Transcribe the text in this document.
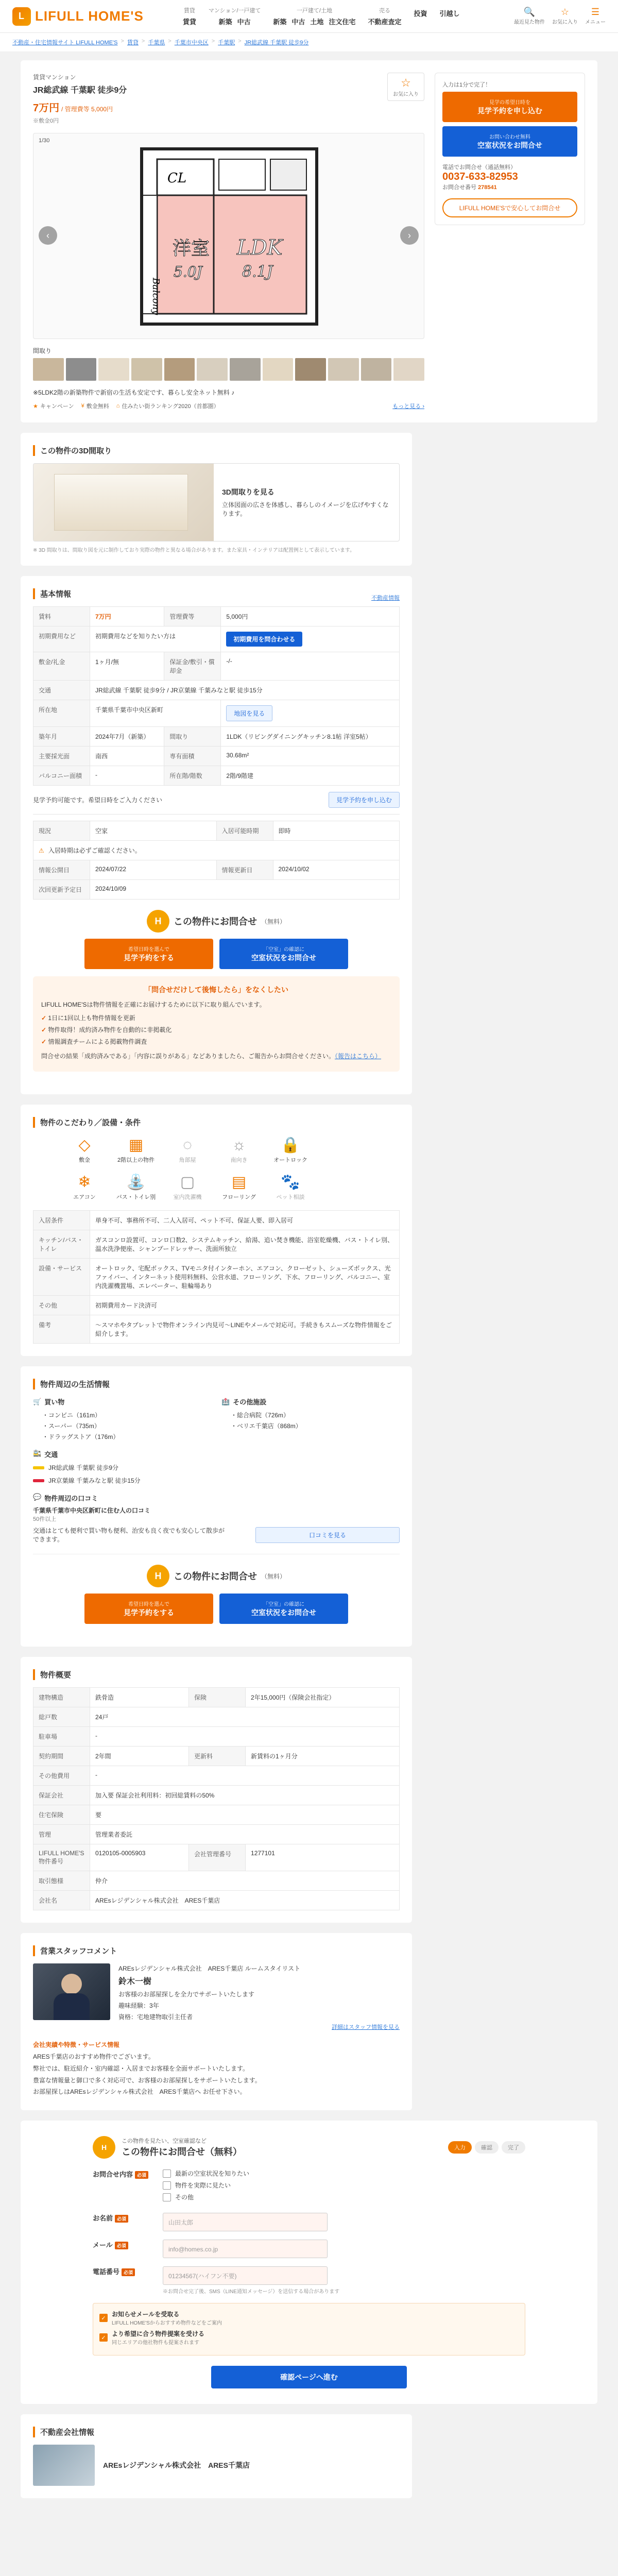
L LIFULL HOME'S	賃貸
賃貸
マンション/一戸建て
新築 中古
一戸建て/土地
新築 中古 土地 注文住宅
売る
不動産査定
投資 引越し	🔍
最近見た物件
☆
お気に入り
☰
メニュー
不動産・住宅情報サイト LIFULL HOME'S > 賃貸 > 千葉県 > 千葉市中央区 > 千葉駅 > JR総武線 千葉駅 徒歩9分
賃貸マンション
JR総武線 千葉駅 徒歩9分
7万円 / 管理費等 5,000円
※敷金0円
☆
お気に入り
1/30
‹	›
CL
洋室
5.0J
LDK
8.1J
Balcony
間取り
※5LDK2階の新築物件で新宿の生活も安定です、暮らし安全ネット無料 ♪
★ キャンペーン ¥ 敷金無料 ⌂ 住みたい街ランキング2020（首都圏）	もっと見る ›
入力は1分で完了！
見学の希望日時を
見学予約を申し込む
お問い合わせ無料
空室状況をお問合せ
電話でお問合せ（通話無料）
0037-633-82953
お問合せ番号 278541
LIFULL HOME'Sで安心してお問合せ
この物件の3D間取り
3D間取りを見る
立体図面の広さを体感し、暮らしのイメージを広げやすくなります。
※ 3D 間取りは、間取り図を元に制作しており実際の物件と異なる場合があります。また家具・インテリアは配置例として表示しています。
基本情報	不動産情報
賃料	7万円	管理費等	5,000円
初期費用など	初期費用などを知りたい方は		初期費用を問合わせる
敷金/礼金	1ヶ月/無	保証金/敷引・償却金	-/-
交通	JR総武線 千葉駅 徒歩9分 / JR京葉線 千葉みなと駅 徒歩15分		
所在地	千葉県千葉市中央区新町		地図を見る
築年月	2024年7月（新築）	間取り	1LDK（リビングダイニングキッチン8.1帖 洋室5帖）
主要採光面	南西	専有面積	30.68m²
バルコニー面積	-	所在階/階数	2階/9階建
見学予約可能です。希望日時をご入力ください	見学予約を申し込む
現況	空家	入居可能時期	即時

⚠ 入居時期は必ずご確認ください。			

情報公開日	2024/07/22	情報更新日	2024/10/02
次回更新予定日	2024/10/09		
H	この物件にお問合せ （無料）
希望日時を選んで
見学予約をする
「空室」の確認に
空室状況をお問合せ
「問合せだけして後悔したら」をなくしたい

LIFULL HOME'Sは物件情報を正確にお届けするために以下に取り組んでいます。

✓ 1日に1回以上も物件情報を更新
✓ 物件取得！成約済み物件を自動的に非掲載化
✓ 情報調査チームによる掲載物件調査

問合せの結果「成約済みである」「内容に誤りがある」などありましたら、ご報告からお問合せください。（報告はこちら）

物件のこだわり／設備・条件
◇
敷金
▦
2階以上の物件
◌
角部屋
☼
南向き
🔒
オートロック
❄
エアコン
⛲
バス・トイレ別
▢
室内洗濯機
▤
フローリング
🐾
ペット相談
入居条件	単身不可、事務所不可、二人入居可、ペット不可、保証人要、即入居可
キッチン/バス・トイレ	ガスコンロ設置可、コンロ口数2、システムキッチン、給湯、追い焚き機能、浴室乾燥機、バス・トイレ別、温水洗浄便座、シャンプードレッサー、洗面所独立
設備・サービス	オートロック、宅配ボックス、TVモニタ付インターホン、エアコン、クローゼット、シューズボックス、光ファイバー、インターネット使用料無料、公営水道、フローリング、下水、フローリング、バルコニー、室内洗濯機置場、エレベーター、駐輪場あり
その他	初期費用カード決済可
備考	～スマホやタブレットで物件オンライン内見可～LINEやメールで対応可。手続きもスムーズな物件情報をご紹介します。
物件周辺の生活情報
🛒 買い物
・ コンビニ（161m）
・ スーパー（735m）
・ ドラッグストア（176m）
🏥 その他施設
・ 総合病院（726m）
・ ベリエ千葉店（868m）
🚉 交通
JR総武線 千葉駅 徒歩9分
JR京葉線 千葉みなと駅 徒歩15分
💬 物件周辺の口コミ
千葉県千葉市中央区新町に住む人の口コミ
50件以上
交通はとても便利で買い物も便利、治安も良く夜でも安心して散歩ができます。
口コミを見る
H	この物件にお問合せ （無料）
希望日時を選んで
見学予約をする
「空室」の確認に
空室状況をお問合せ
物件概要
建物構造	鉄骨造	保険	2年15,000円（保険会社指定）
総戸数	24戸		
駐車場	-		
契約期間	2年間	更新料	新賃料の1ヶ月分
その他費用	-		
保証会社	加入要 保証会社利用料：初回総賃料の50%		
住宅保険	要		
管理	管理業者委託		
LIFULL HOME'S物件番号	0120105-0005903	会社管理番号	1277101
取引態様	仲介		
会社名	AREsレジデンシャル株式会社　ARES千葉店		
営業スタッフコメント
AREsレジデンシャル株式会社　ARES千葉店 ルームスタイリスト
鈴木一樹
お客様のお部屋探しを全力でサポートいたします
趣味経験：3年
資格：宅地建物取引主任者
詳細はスタッフ情報を見る
会社実績や特徴・サービス情報
ARES千葉店のおすすめ物件でございます。
弊社では、駐近紹介・室内確認・入居までお客様を全面サポートいたします。
豊富な情報量と御口で多く対応可で、お客様のお部屋探しをサポートいたします。
お部屋探しはAREsレジデンシャル株式会社　ARES千葉店へ お任せ下さい。
H
この物件を見たい、空室確認など
この物件にお問合せ（無料）	入力	確認	完了
お問合せ内容 必須	最新の空室状況を知りたい
物件を実際に見たい
その他
お名前 必須	山田太郎
メール 必須	info@homes.co.jp
電話番号 必須	01234567(ハイフン不要)
※お問合せ完了後、SMS（LINE通知メッセージ）を送信する場合があります
✓
お知らせメールを受取る
LIFULL HOME'Sからおすすめ物件などをご案内
✓
より希望に合う物件提案を受ける
同じエリアの他社物件も提案されます
確認ページへ進む
不動産会社情報
AREsレジデンシャル株式会社　ARES千葉店
